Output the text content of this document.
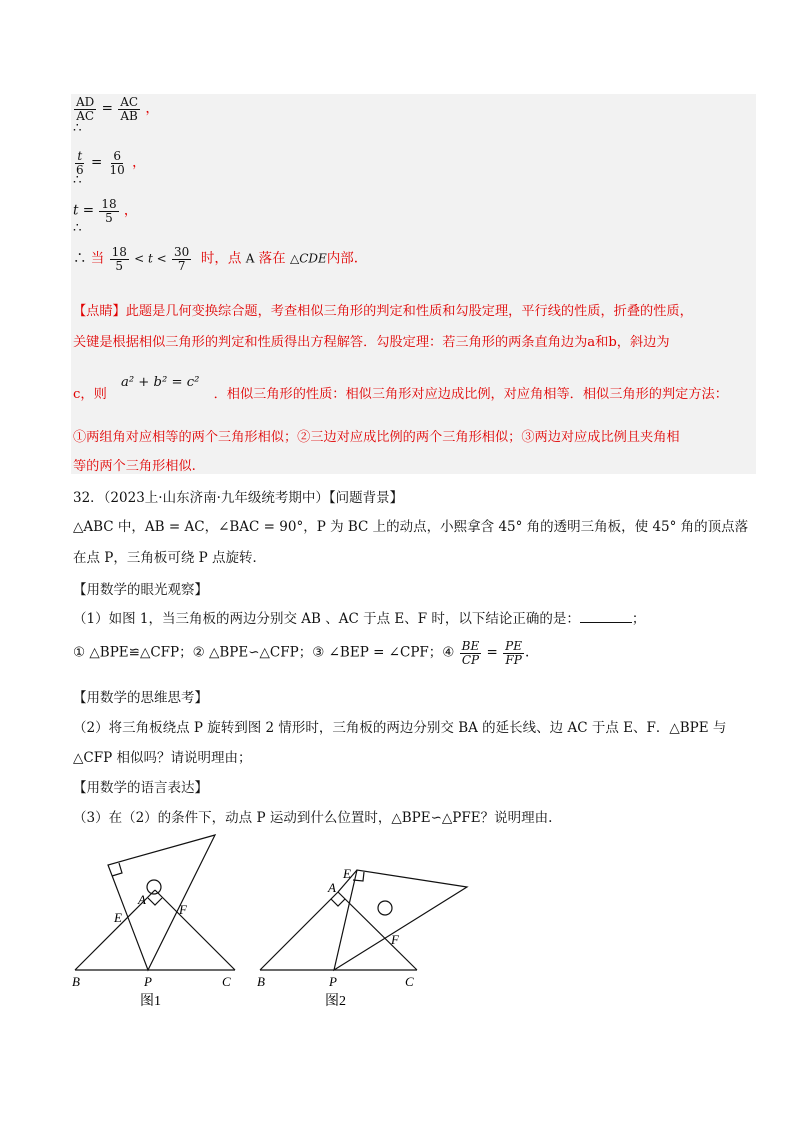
$\frac{AD}{AC} = \frac{AC}{AB}$ ，
∴
$\frac{t}{6} = \frac{6}{10}$ ，
∴
$t = \frac{18}{5}$ ，
∴
∴ 当 $\frac{18}{5} < t < \frac{30}{7}$ 时，点 A 落在 △CDE内部.
【点睛】此题是几何变换综合题，考查相似三角形的判定和性质和勾股定理，平行线的性质，折叠的性质，
关键是根据相似三角形的判定和性质得出方程解答．勾股定理：若三角形的两条直角边为a和b，斜边为
c，则 a² + b² = c² ．相似三角形的性质：相似三角形对应边成比例，对应角相等．相似三角形的判定方法：
①两组角对应相等的两个三角形相似；②三边对应成比例的两个三角形相似；③两边对应成比例且夹角相
等的两个三角形相似.
32．（2023上·山东济南·九年级统考期中）【问题背景】
△ABC 中，AB = AC，∠BAC = 90°，P 为 BC 上的动点，小熙拿含 45° 角的透明三角板，使 45° 角的顶点落
在点 P，三角板可绕 P 点旋转．
【用数学的眼光观察】
（1）如图 1，当三角板的两边分别交 AB 、AC 于点 E、F 时，以下结论正确的是：	；
① △BPE≌△CFP；② △BPE∽△CFP；③ ∠BEP = ∠CPF；④ $\frac{BE}{CP} = \frac{PE}{FP}$ .
【用数学的思维思考】
（2）将三角板绕点 P 旋转到图 2 情形时，三角板的两边分别交 BA 的延长线、边 AC 于点 E、F．△BPE 与
△CFP 相似吗？请说明理由；
【用数学的语言表达】
（3）在（2）的条件下，动点 P 运动到什么位置时，△BPE∽△PFE？说明理由.
B	P	C
A
E
F
图1
B	P	C
A
E
F
图2
